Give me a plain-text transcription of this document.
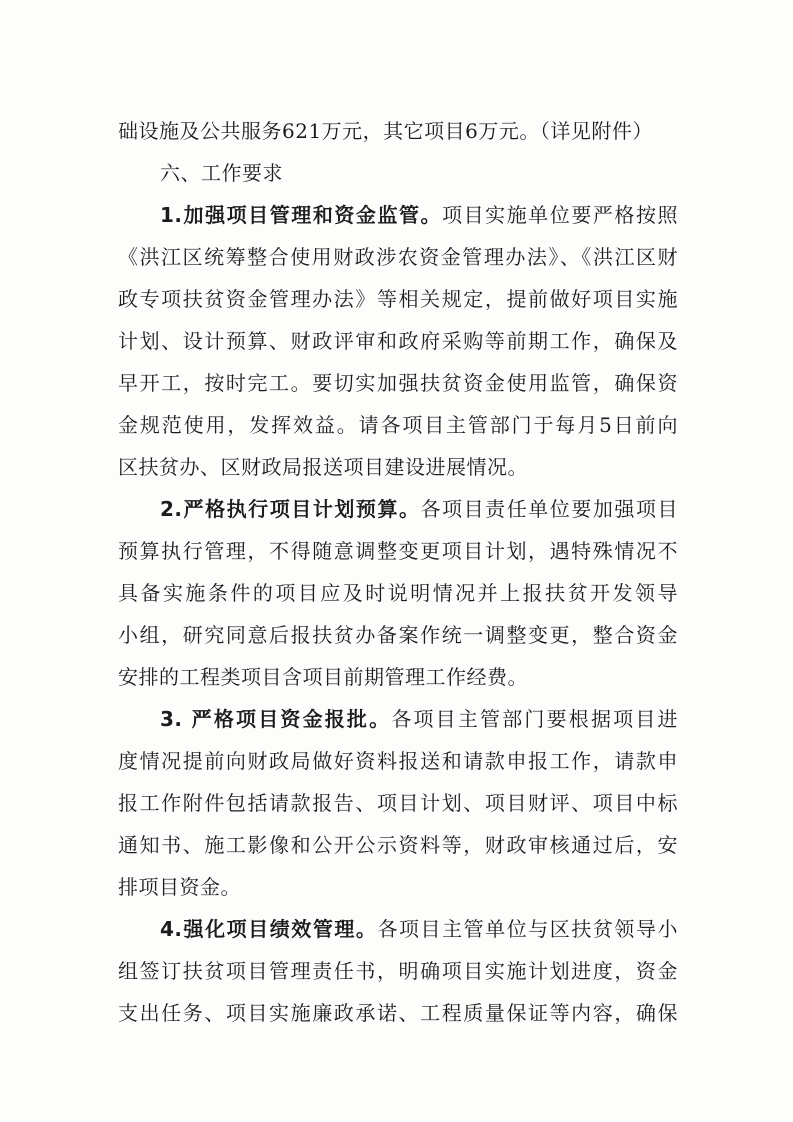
础设施及公共服务621万元，其它项目6万元。（详见附件）
六、工作要求
1.加强项目管理和资金监管。项目实施单位要严格按照
《洪江区统筹整合使用财政涉农资金管理办法》、《洪江区财
政专项扶贫资金管理办法》等相关规定，提前做好项目实施
计划、设计预算、财政评审和政府采购等前期工作，确保及
早开工，按时完工。要切实加强扶贫资金使用监管，确保资
金规范使用，发挥效益。请各项目主管部门于每月5日前向
区扶贫办、区财政局报送项目建设进展情况。
2.严格执行项目计划预算。各项目责任单位要加强项目
预算执行管理，不得随意调整变更项目计划，遇特殊情况不
具备实施条件的项目应及时说明情况并上报扶贫开发领导
小组，研究同意后报扶贫办备案作统一调整变更，整合资金
安排的工程类项目含项目前期管理工作经费。
3. 严格项目资金报批。各项目主管部门要根据项目进
度情况提前向财政局做好资料报送和请款申报工作，请款申
报工作附件包括请款报告、项目计划、项目财评、项目中标
通知书、施工影像和公开公示资料等，财政审核通过后，安
排项目资金。
4.强化项目绩效管理。各项目主管单位与区扶贫领导小
组签订扶贫项目管理责任书，明确项目实施计划进度，资金
支出任务、项目实施廉政承诺、工程质量保证等内容，确保
